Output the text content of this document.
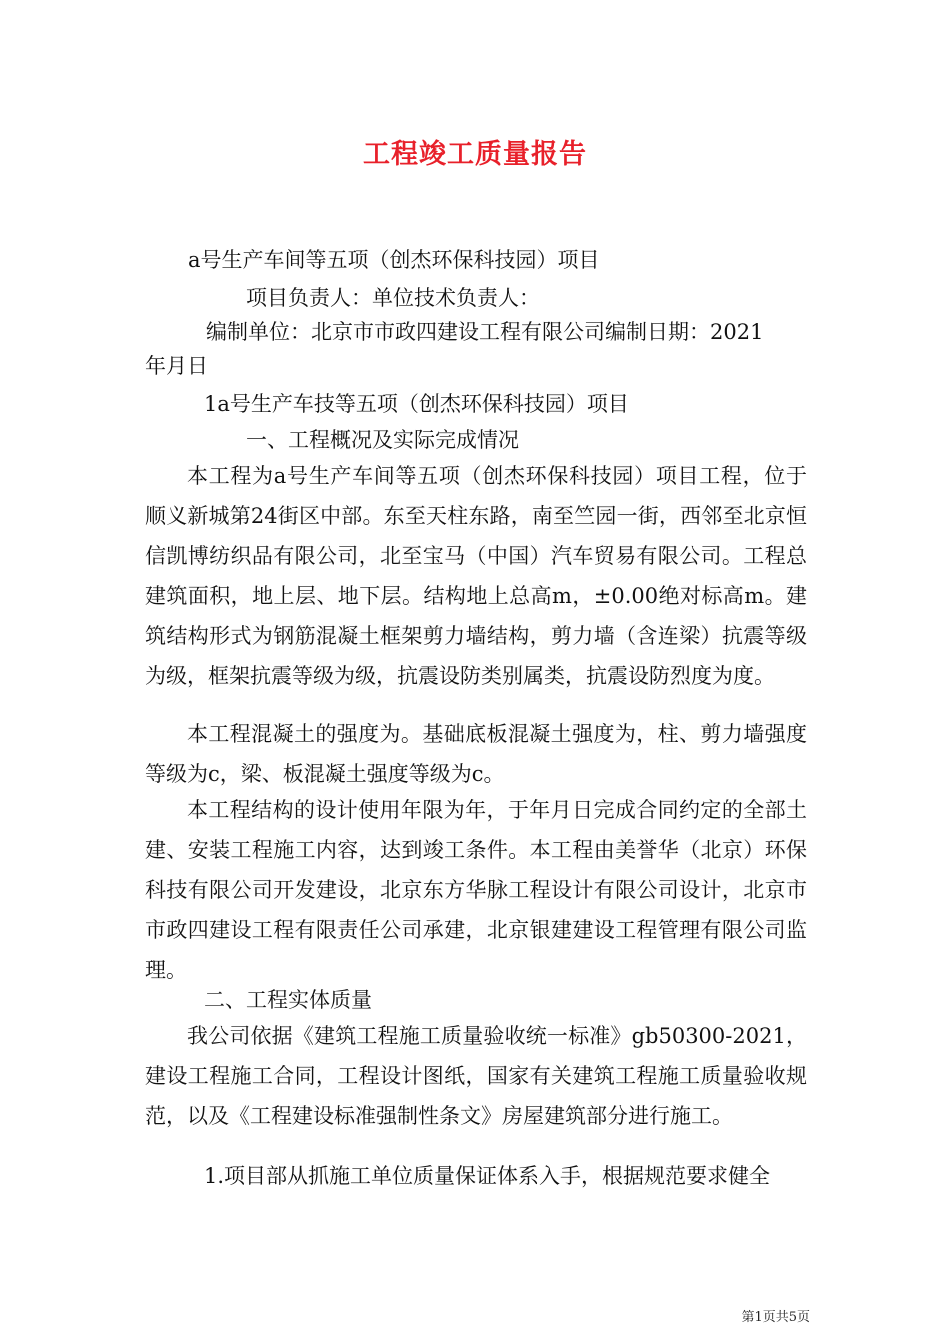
工程竣工质量报告
a号生产车间等五项（创杰环保科技园）项目
项目负责人：单位技术负责人：
编制单位：北京市市政四建设工程有限公司编制日期：2021
年月日
1a号生产车技等五项（创杰环保科技园）项目
一、工程概况及实际完成情况
本工程为a号生产车间等五项（创杰环保科技园）项目工程，位于顺义新城第24街区中部。东至天柱东路，南至竺园一街，西邻至北京恒信凯博纺织品有限公司，北至宝马（中国）汽车贸易有限公司。工程总建筑面积，地上层、地下层。结构地上总高m，±0.00绝对标高m。建筑结构形式为钢筋混凝土框架剪力墙结构，剪力墙（含连梁）抗震等级为级，框架抗震等级为级，抗震设防类别属类，抗震设防烈度为度。
本工程混凝土的强度为。基础底板混凝土强度为，柱、剪力墙强度等级为c，梁、板混凝土强度等级为c。
本工程结构的设计使用年限为年，于年月日完成合同约定的全部土建、安装工程施工内容，达到竣工条件。本工程由美誉华（北京）环保科技有限公司开发建设，北京东方华脉工程设计有限公司设计，北京市市政四建设工程有限责任公司承建，北京银建建设工程管理有限公司监理。
二、工程实体质量
我公司依据《建筑工程施工质量验收统一标准》gb50300-2021，建设工程施工合同，工程设计图纸，国家有关建筑工程施工质量验收规范，以及《工程建设标准强制性条文》房屋建筑部分进行施工。
1.项目部从抓施工单位质量保证体系入手，根据规范要求健全
第1页共5页
